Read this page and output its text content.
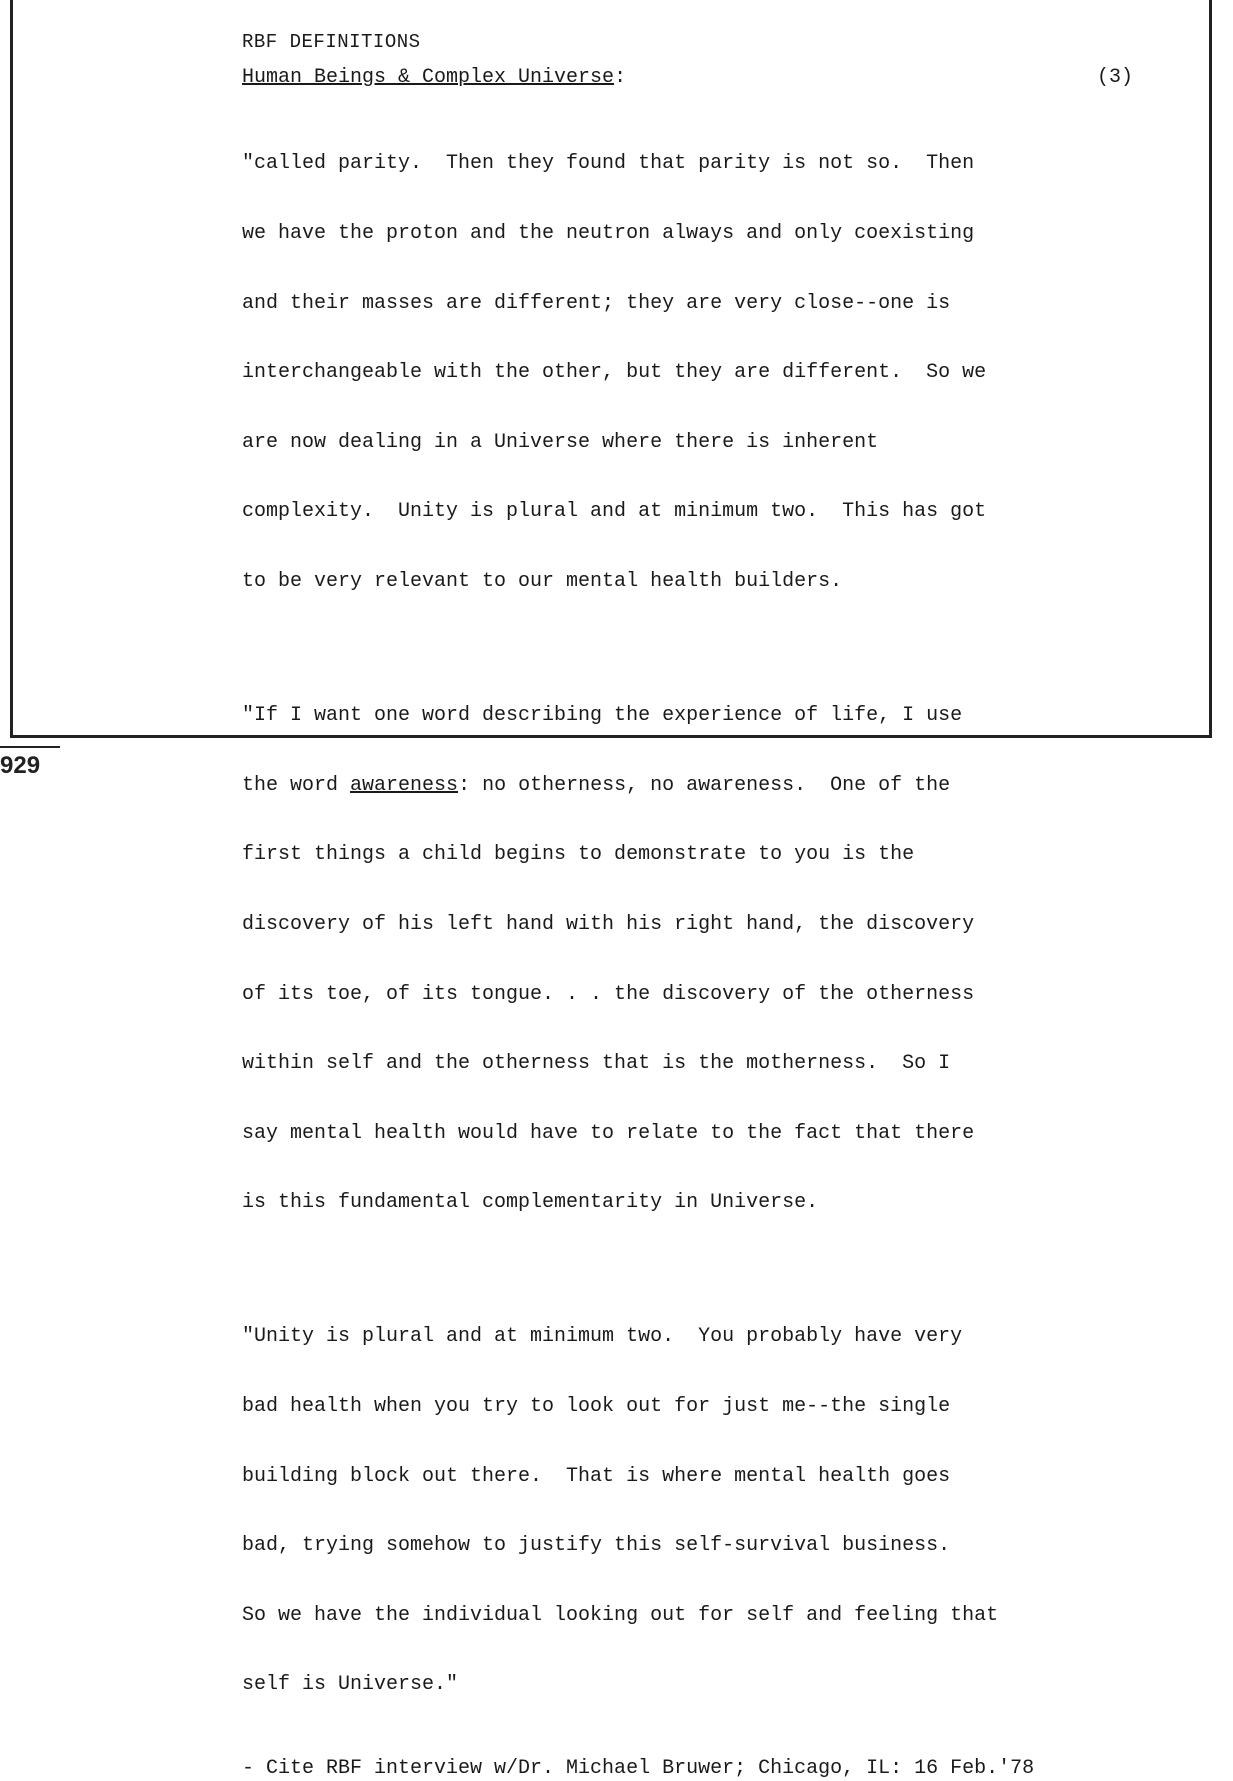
RBF DEFINITIONS
Human Beings & Complex Universe:	(3)

"called parity.  Then they found that parity is not so.  Then

we have the proton and the neutron always and only coexisting

and their masses are different; they are very close--one is

interchangeable with the other, but they are different.  So we

are now dealing in a Universe where there is inherent

complexity.  Unity is plural and at minimum two.  This has got

to be very relevant to our mental health builders.

"If I want one word describing the experience of life, I use

the word awareness: no otherness, no awareness.  One of the

first things a child begins to demonstrate to you is the

discovery of his left hand with his right hand, the discovery

of its toe, of its tongue. . . the discovery of the otherness

within self and the otherness that is the motherness.  So I

say mental health would have to relate to the fact that there

is this fundamental complementarity in Universe.

"Unity is plural and at minimum two.  You probably have very

bad health when you try to look out for just me--the single

building block out there.  That is where mental health goes

bad, trying somehow to justify this self-survival business.

So we have the individual looking out for self and feeling that

self is Universe."

- Cite RBF interview w/Dr. Michael Bruwer; Chicago, IL: 16 Feb.'78
929
